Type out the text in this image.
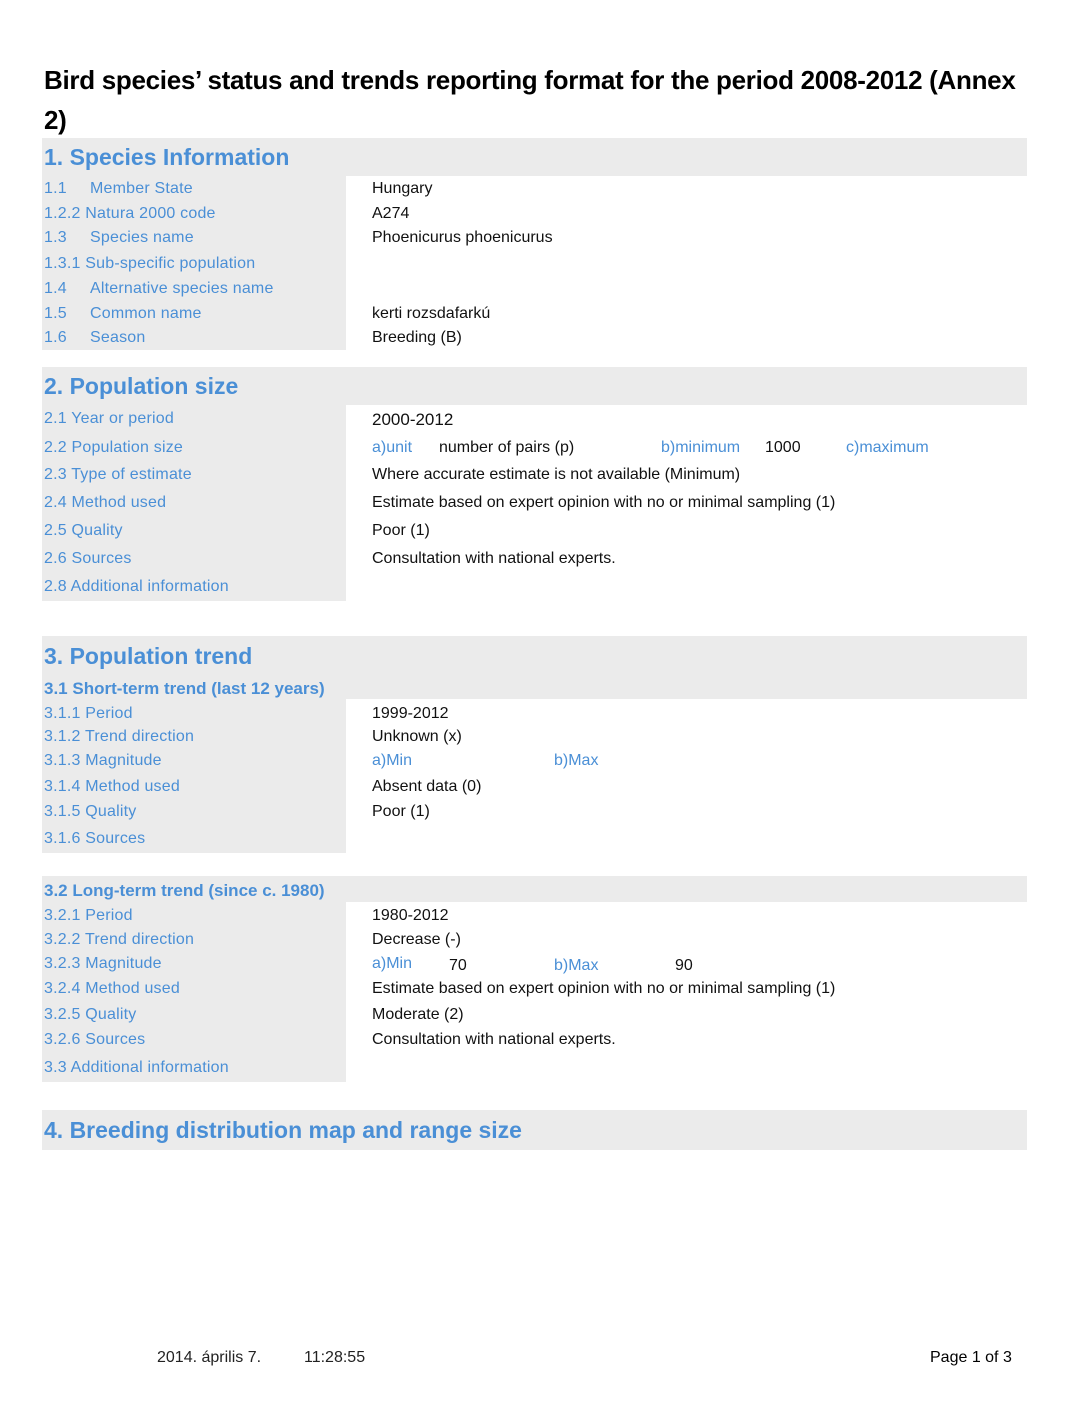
Bird species’ status and trends reporting format for the period 2008-2012 (Annex 2)
1. Species Information
1.1 Member State	Hungary
1.2.2 Natura 2000 code	A274
1.3 Species name	Phoenicurus phoenicurus
1.3.1 Sub-specific population
1.4 Alternative species name
1.5 Common name	kerti rozsdafarkú
1.6 Season	Breeding (B)
2. Population size
2.1 Year or period	2000-2012
2.2 Population size	a)unit number of pairs (p)	b)minimum 1000	c)maximum
2.3 Type of estimate	Where accurate estimate is not available (Minimum)
2.4 Method used	Estimate based on expert opinion with no or minimal sampling (1)
2.5 Quality	Poor (1)
2.6 Sources	Consultation with national experts.
2.8 Additional information
3. Population trend
3.1 Short-term trend (last 12 years)
3.1.1 Period	1999-2012
3.1.2 Trend direction	Unknown (x)
3.1.3 Magnitude	a)Min	b)Max
3.1.4 Method used	Absent data (0)
3.1.5 Quality	Poor (1)
3.1.6 Sources
3.2 Long-term trend (since c. 1980)
3.2.1 Period	1980-2012
3.2.2 Trend direction	Decrease (-)
3.2.3 Magnitude	a)Min 70	b)Max	90
3.2.4 Method used	Estimate based on expert opinion with no or minimal sampling (1)
3.2.5 Quality	Moderate (2)
3.2.6 Sources	Consultation with national experts.
3.3 Additional information
4. Breeding distribution map and range size
2014. április 7.	11:28:55	Page 1 of 3
